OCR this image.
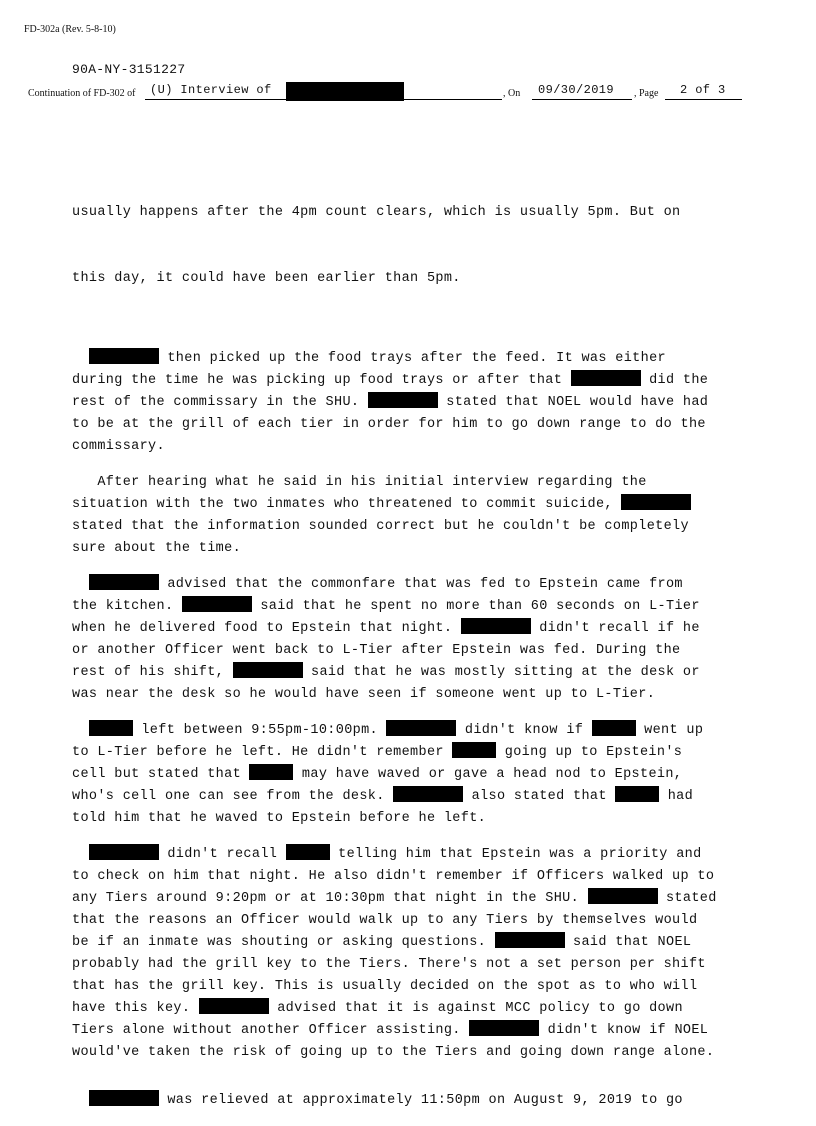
FD-302a (Rev. 5-8-10)
90A-NY-3151227
Continuation of FD-302 of (U) Interview of	, On 09/30/2019 , Page 2 of 3

usually happens after the 4pm count clears, which is usually 5pm. But on

this day, it could have been earlier than 5pm.

then picked up the food trays after the feed. It was either
during the time he was picking up food trays or after that	did the
rest of the commissary in the SHU.	stated that NOEL would have had
to be at the grill of each tier in order for him to go down range to do the
commissary.
After hearing what he said in his initial interview regarding the
situation with the two inmates who threatened to commit suicide,
stated that the information sounded correct but he couldn't be completely
sure about the time.
advised that the commonfare that was fed to Epstein came from
the kitchen.	said that he spent no more than 60 seconds on L-Tier
when he delivered food to Epstein that night.	didn't recall if he
or another Officer went back to L-Tier after Epstein was fed. During the
rest of his shift,	said that he was mostly sitting at the desk or
was near the desk so he would have seen if someone went up to L-Tier.
left between 9:55pm-10:00pm.	didn't know if	went up
to L-Tier before he left. He didn't remember	going up to Epstein's
cell but stated that	may have waved or gave a head nod to Epstein,
who's cell one can see from the desk.	also stated that	had
told him that he waved to Epstein before he left.
didn't recall	telling him that Epstein was a priority and
to check on him that night. He also didn't remember if Officers walked up to
any Tiers around 9:20pm or at 10:30pm that night in the SHU.	stated
that the reasons an Officer would walk up to any Tiers by themselves would
be if an inmate was shouting or asking questions.	said that NOEL
probably had the grill key to the Tiers. There's not a set person per shift
that has the grill key. This is usually decided on the spot as to who will
have this key.	advised that it is against MCC policy to go down
Tiers alone without another Officer assisting.	didn't know if NOEL
would've taken the risk of going up to the Tiers and going down range alone.
was relieved at approximately 11:50pm on August 9, 2019 to go
